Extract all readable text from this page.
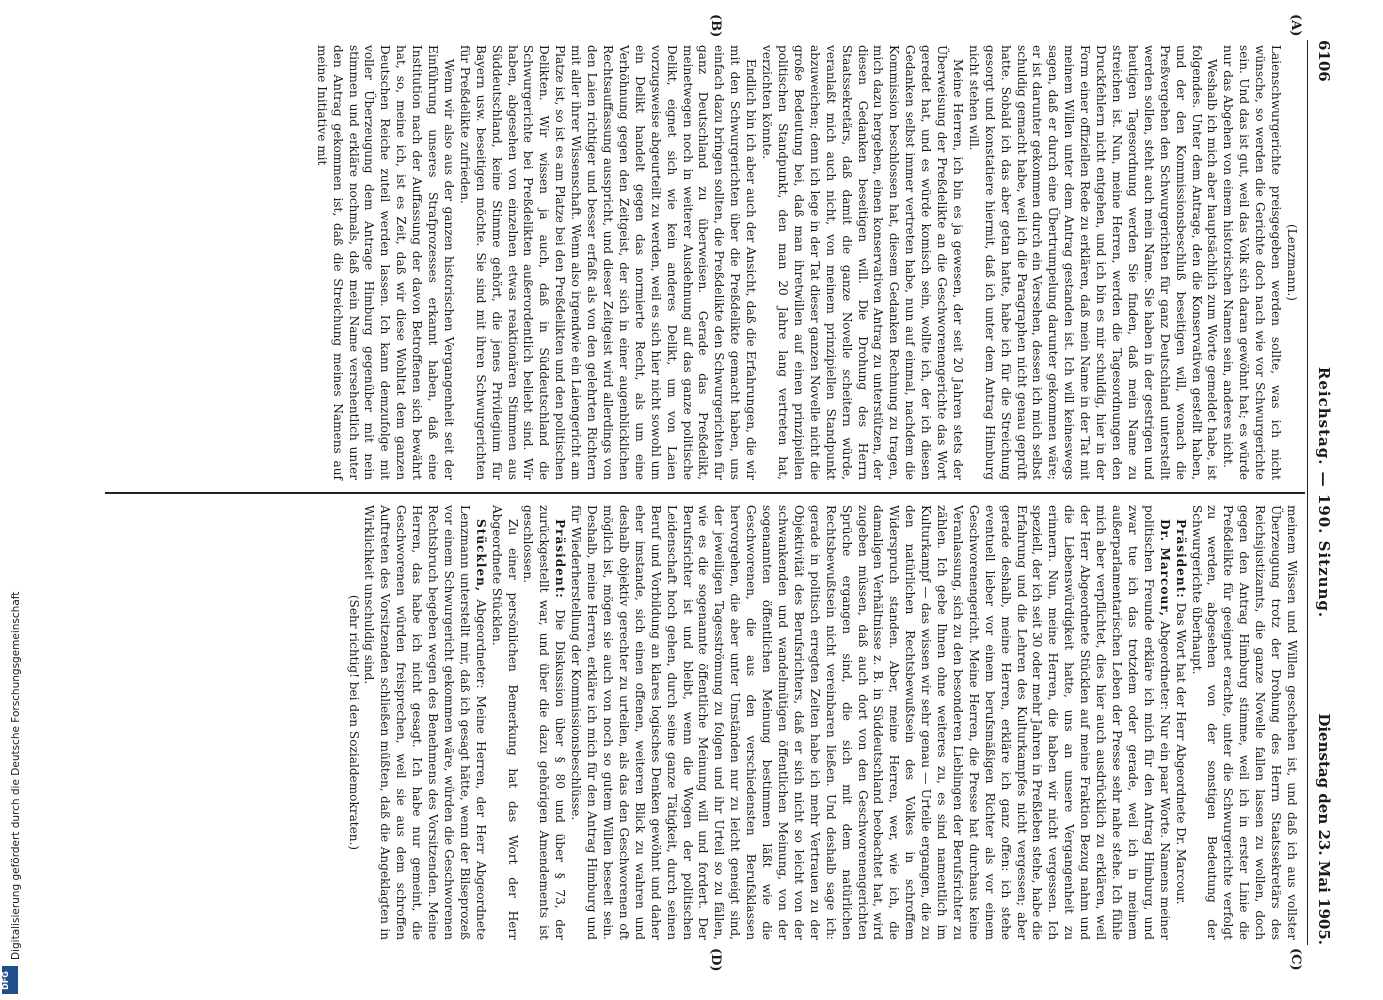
6106
Reichstag. — 190. Sitzung.
Dienstag den 23. Mai 1905.
(A)
(B)
(C)
(D)

(Lenzmann.)

Laienschwurgerichte preisgegeben werden sollte, was ich nicht wünsche, so werden die Gerichte doch nach wie vor Schwurgerichte sein. Und das ist gut, weil das Volk sich daran gewöhnt hat; es würde nur das Abgehen von einem historischen Namen sein, anderes nicht.

Weshalb ich mich aber hauptsächlich zum Worte gemeldet habe, ist folgendes. Unter dem Antrage, den die Konservativen gestellt haben, und der den Kommissionsbeschluß beseitigen will, wonach die Preßvergehen den Schwurgerichten für ganz Deutschland unterstellt werden sollen, steht auch mein Name. Sie haben in der gestrigen und heutigen Tagesordnung werden Sie finden, daß mein Name zu streichen ist. Nun, meine Herren, werden die Tagesordnungen den Druckfehlern nicht entgehen, und ich bin es mir schuldig, hier in der Form einer offiziellen Rede zu erklären, daß mein Name in der Tat mit meinem Willen unter dem Antrag gestanden ist. Ich will keineswegs sagen, daß er durch eine Übertrumpelung darunter gekommen wäre; er ist darunter gekommen durch ein Versehen, dessen ich mich selbst schuldig gemacht habe, weil ich die Paragraphen nicht genau geprüft hatte. Sobald ich das aber getan hatte, habe ich für die Streichung gesorgt und konstatiere hiermit, daß ich unter dem Antrag Himburg nicht stehen will.

Meine Herren, ich bin es ja gewesen, der seit 20 Jahren stets der Überweisung der Preßdelikte an die Geschworenengerichte das Wort geredet hat, und es würde komisch sein, wollte ich, der ich diesen Gedanken selbst immer vertreten habe, nun auf einmal, nachdem die Kommission beschlossen hat, diesem Gedanken Rechnung zu tragen, mich dazu hergeben, einen konservativen Antrag zu unterstützen, der diesen Gedanken beseitigen will. Die Drohung des Herrn Staatssekretärs, daß damit die ganze Novelle scheitern würde, veranlaßt mich auch nicht, von meinem prinzipiellen Standpunkt abzuweichen; denn ich lege in der Tat dieser ganzen Novelle nicht die große Bedeutung bei, daß man ihretwillen auf einen prinzipiellen politischen Standpunkt, den man 20 Jahre lang vertreten hat, verzichten könnte.

Endlich bin ich aber auch der Ansicht, daß die Erfahrungen, die wir mit den Schwurgerichten über die Preßdelikte gemacht haben, uns einfach dazu bringen sollten, die Preßdelikte den Schwurgerichten für ganz Deutschland zu überweisen. Gerade das Preßdelikt, meinetwegen noch in weiterer Ausdehnung auf das ganze politische Delikt, eignet sich wie kein anderes Delikt, um von Laien vorzugsweise abgeurteilt zu werden, weil es sich hier nicht sowohl um ein Delikt handelt gegen das normierte Recht, als um eine Verhöhnung gegen den Zeitgeist, der sich in einer augenblicklichen Rechtsauffassung ausspricht, und dieser Zeitgeist wird allerdings von den Laien richtiger und besser erfaßt als von den gelehrten Richtern mit aller ihrer Wissenschaft. Wenn also irgendwie ein Laiengericht am Platze ist, so ist es am Platze bei den Preßdelikten und den politischen Delikten. Wir wissen ja auch, daß in Süddeutschland die Schwurgerichte bei Preßdelikten außerordentlich beliebt sind. Wir haben, abgesehen von einzelnen etwas reaktionären Stimmen aus Süddeutschland, keine Stimme gehört, die jenes Privilegium für Bayern usw. beseitigen möchte. Sie sind mit ihren Schwurgerichten für Preßdelikte zufrieden.

Wenn wir also aus der ganzen historischen Vergangenheit seit der Einführung unseres Strafprozesses erkannt haben, daß eine Institution nach der Auffassung der davon Betroffenen sich bewährt hat, so, meine ich, ist es Zeit, daß wir diese Wohltat dem ganzen Deutschen Reiche zuteil werden lassen. Ich kann demzufolge mit voller Überzeugung dem Antrage Himburg gegenüber mit nein stimmen und erkläre nochmals, daß mein Name versehentlich unter den Antrag gekommen ist, daß die Streichung meines Namens auf meine Initiative mit

meinem Wissen und Willen geschehen ist, und daß ich aus vollster Überzeugung trotz der Drohung des Herrn Staatssekretärs des Reichsjustizamts, die ganze Novelle fallen lassen zu wollen, doch gegen den Antrag Himburg stimme, weil ich in erster Linie die Preßdelikte für geeignet erachte, unter die Schwurgerichte verfolgt zu werden, abgesehen von der sonstigen Bedeutung der Schwurgerichte überhaupt.

Präsident: Das Wort hat der Herr Abgeordnete Dr. Marcour.

Dr. Marcour, Abgeordneter: Nur ein paar Worte. Namens meiner politischen Freunde erkläre ich mich für den Antrag Himburg, und zwar tue ich das trotzdem oder gerade, weil ich in meinem außerparlamentarischen Leben der Presse sehr nahe stehe. Ich fühle mich aber verpflichtet, dies hier auch ausdrücklich zu erklären, weil der Herr Abgeordnete Stücklen auf meine Fraktion Bezug nahm und die Liebenswürdigkeit hatte, uns an unsere Vergangenheit zu erinnern. Nun, meine Herren, die haben wir nicht vergessen. Ich speziell, der ich seit 30 oder mehr Jahren in Preßleben stehe, habe die Erfahrung und die Lehren des Kulturkampfes nicht vergessen; aber gerade deshalb, meine Herren, erkläre ich ganz offen: ich stehe eventuell lieber vor einem berufsmäßigen Richter als vor einem Geschworenengericht. Meine Herren, die Presse hat durchaus keine Veranlassung, sich zu den besonderen Lieblingen der Berufsrichter zu zählen. Ich gebe Ihnen ohne weiteres zu, es sind namentlich im Kulturkampf — das wissen wir sehr genau — Urteile ergangen, die zu den natürlichen Rechtsbewußtsein des Volkes in schroffem Widerspruch standen. Aber, meine Herren, wer, wie ich, die damaligen Verhältnisse z. B. in Süddeutschland beobachtet hat, wird zugeben müssen, daß auch dort von den Geschworenengerichten Sprüche ergangen sind, die sich mit dem natürlichen Rechtsbewußtsein nicht vereinbaren ließen. Und deshalb sage ich: gerade in politisch erregten Zeiten habe ich mehr Vertrauen zu der Objektivität des Berufsrichters, daß er sich nicht so leicht von der schwankenden und wandelmütigen öffentlichen Meinung, von der sogenannten öffentlichen Meinung bestimmen läßt wie die Geschworenen, die aus den verschiedensten Berufsklassen hervorgehen, die aber unter Umständen nur zu leicht geneigt sind, der jeweiligen Tagesströmung zu folgen und ihr Urteil so zu fällen, wie es die sogenannte öffentliche Meinung will und fordert. Der Berufsrichter ist und bleibt, wenn die Wogen der politischen Leidenschaft hoch gehen, durch seine ganze Tätigkeit, durch seinen Beruf und Vorbildung an klares logisches Denken gewöhnt und daher eher imstande, sich einen offenen, weiteren Blick zu wahren und deshalb objektiv gerechter zu urteilen, als das den Geschworenen oft möglich ist, mögen sie auch von noch so gutem Willen beseelt sein. Deshalb, meine Herren, erkläre ich mich für den Antrag Himburg und für Wiederherstellung der Kommissionsbeschlüsse.

Präsident: Die Diskussion über § 80 und über § 73, der zurückgestellt war, und über die dazu gehörigen Amendements ist geschlossen.

Zu einer persönlichen Bemerkung hat das Wort der Herr Abgeordnete Stücklen.

Stücklen, Abgeordneter: Meine Herren, der Herr Abgeordnete Lenzmann unterstellt mir, daß ich gesagt hätte, wenn der Bilseprozeß vor einem Schwurgericht gekommen wäre, würden die Geschworenen Rechtsbruch begeben wegen des Benehmens des Vorsitzenden. Meine Herren, das habe ich nicht gesagt. Ich habe nur gemeint, die Geschworenen würden freisprechen, weil sie aus dem schroffen Auftreten des Vorsitzenden schließen müßten, daß die Angeklagten in Wirklichkeit unschuldig sind.

(Sehr richtig! bei den Sozialdemokraten.)

Digitalisierung gefördert durch die Deutsche Forschungsgemeinschaft
DFG
